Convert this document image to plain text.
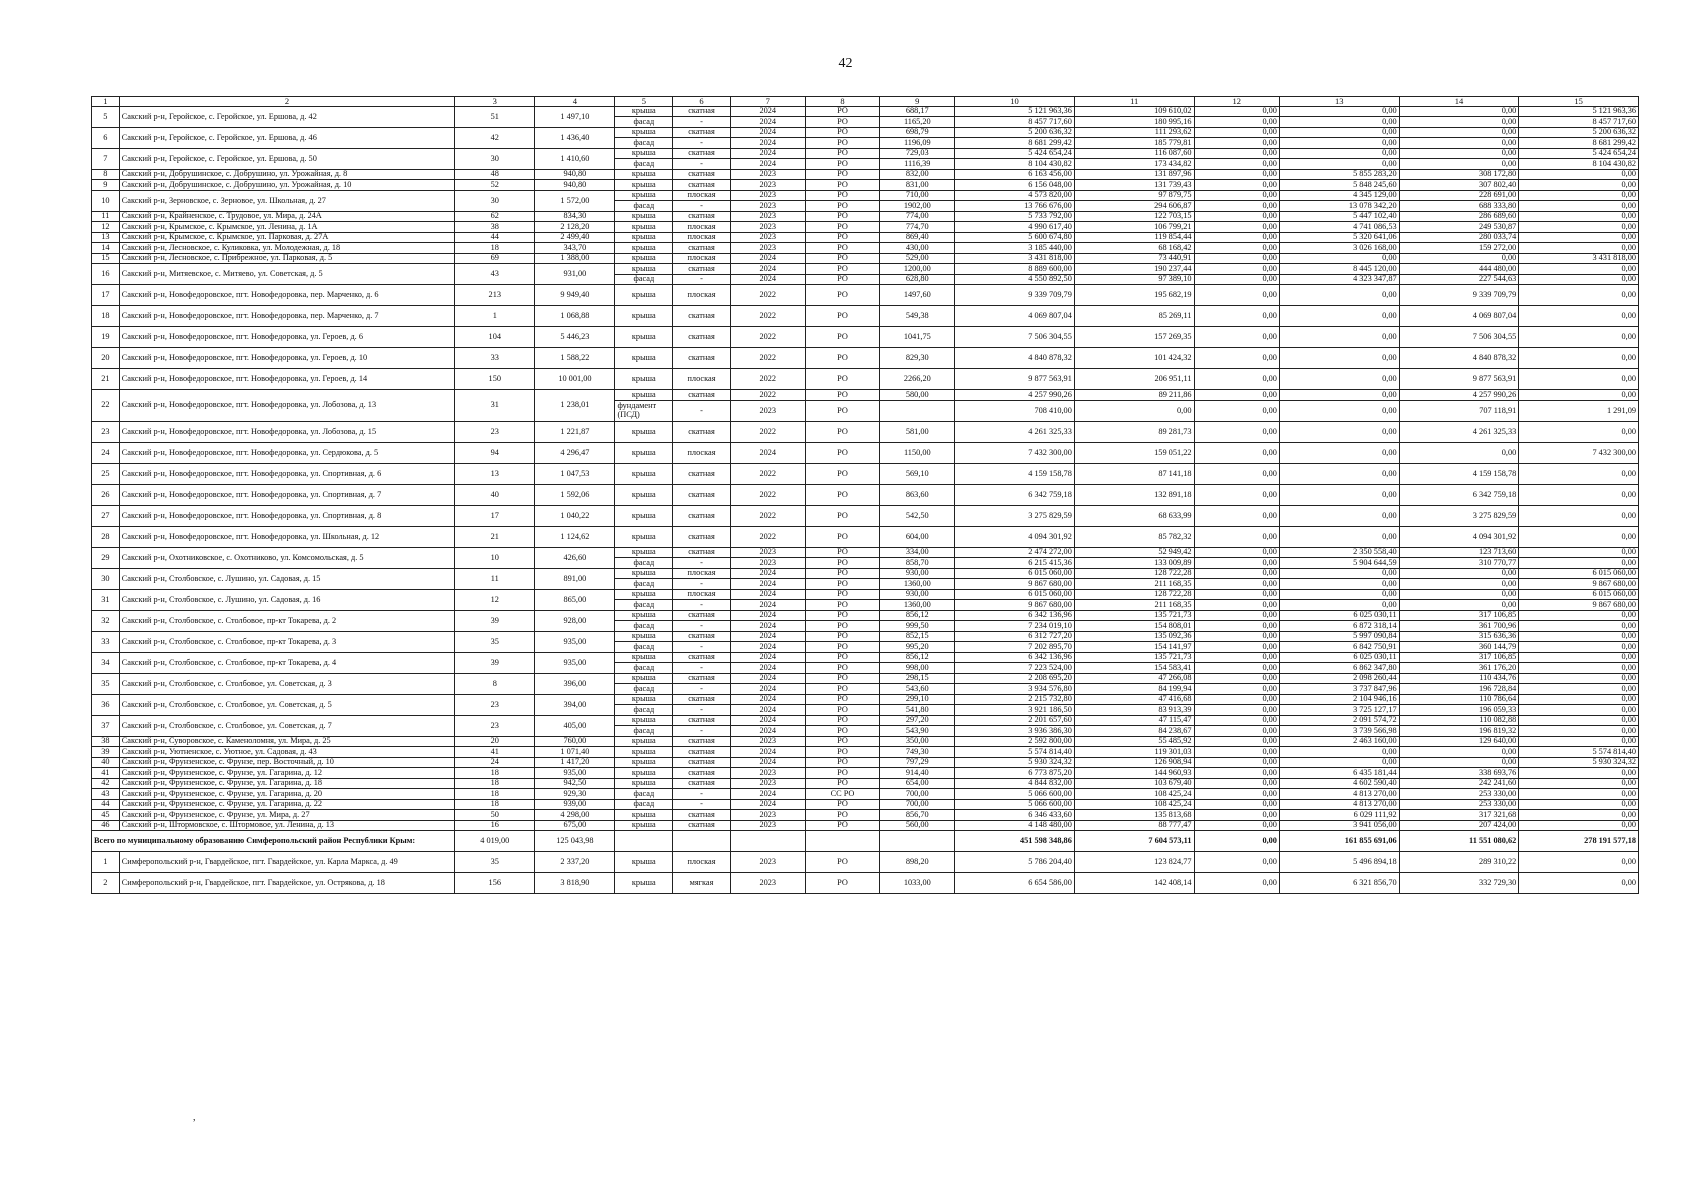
42
1	2	3	4	5	6	7	8	9	10	11	12	13	14	15
5	Сакский р-н, Геройское, с. Геройское, ул. Ершова, д. 42	51	1 497,10	крыша	скатная	2024	РО	688,17	5 121 963,36	109 610,02	0,00	0,00	0,00	5 121 963,36
				фасад	-	2024	РО	1165,20	8 457 717,60	180 995,16	0,00	0,00	0,00	8 457 717,60
6	Сакский р-н, Геройское, с. Геройское, ул. Ершова, д. 46	42	1 436,40	крыша	скатная	2024	РО	698,79	5 200 636,32	111 293,62	0,00	0,00	0,00	5 200 636,32
				фасад	-	2024	РО	1196,09	8 681 299,42	185 779,81	0,00	0,00	0,00	8 681 299,42
7	Сакский р-н, Геройское, с. Геройское, ул. Ершова, д. 50	30	1 410,60	крыша	скатная	2024	РО	729,03	5 424 654,24	116 087,60	0,00	0,00	0,00	5 424 654,24
				фасад	-	2024	РО	1116,39	8 104 430,82	173 434,82	0,00	0,00	0,00	8 104 430,82
8	Сакский р-н, Добрушинское, с. Добрушино, ул. Урожайная, д. 8	48	940,80	крыша	скатная	2023	РО	832,00	6 163 456,00	131 897,96	0,00	5 855 283,20	308 172,80	0,00
9	Сакский р-н, Добрушинское, с. Добрушино, ул. Урожайная, д. 10	52	940,80	крыша	скатная	2023	РО	831,00	6 156 048,00	131 739,43	0,00	5 848 245,60	307 802,40	0,00
10	Сакский р-н, Зерновское, с. Зерновое, ул. Школьная, д. 27	30	1 572,00	крыша	плоская	2023	РО	710,00	4 573 820,00	97 879,75	0,00	4 345 129,00	228 691,00	0,00
				фасад	-	2023	РО	1902,00	13 766 676,00	294 606,87	0,00	13 078 342,20	688 333,80	0,00
11	Сакский р-н, Крайненское, с. Трудовое, ул. Мира, д. 24А	62	834,30	крыша	скатная	2023	РО	774,00	5 733 792,00	122 703,15	0,00	5 447 102,40	286 689,60	0,00
12	Сакский р-н, Крымское, с. Крымское, ул. Ленина, д. 1А	38	2 128,20	крыша	плоская	2023	РО	774,70	4 990 617,40	106 799,21	0,00	4 741 086,53	249 530,87	0,00
13	Сакский р-н, Крымское, с. Крымское, ул. Парковая, д. 27А	44	2 499,40	крыша	плоская	2023	РО	869,40	5 600 674,80	119 854,44	0,00	5 320 641,06	280 033,74	0,00
14	Сакский р-н, Лесновское, с. Куликовка, ул. Молодежная, д. 18	18	343,70	крыша	скатная	2023	РО	430,00	3 185 440,00	68 168,42	0,00	3 026 168,00	159 272,00	0,00
15	Сакский р-н, Лесновское, с. Прибрежное, ул. Парковая, д. 5	69	1 388,00	крыша	плоская	2024	РО	529,00	3 431 818,00	73 440,91	0,00	0,00	0,00	3 431 818,00
16	Сакский р-н, Митяевское, с. Митяево, ул. Советская, д. 5	43	931,00	крыша	скатная	2024	РО	1200,00	8 889 600,00	190 237,44	0,00	8 445 120,00	444 480,00	0,00
				фасад	-	2024	РО	628,80	4 550 892,50	97 389,10	0,00	4 323 347,87	227 544,63	0,00
17	Сакский р-н, Новофедоровское, пгт. Новофедоровка, пер. Марченко, д. 6	213	9 949,40	крыша	плоская	2022	РО	1497,60	9 339 709,79	195 682,19	0,00	0,00	9 339 709,79	0,00
18	Сакский р-н, Новофедоровское, пгт. Новофедоровка, пер. Марченко, д. 7	1	1 068,88	крыша	скатная	2022	РО	549,38	4 069 807,04	85 269,11	0,00	0,00	4 069 807,04	0,00
19	Сакский р-н, Новофедоровское, пгт. Новофедоровка, ул. Героев, д. 6	104	5 446,23	крыша	скатная	2022	РО	1041,75	7 506 304,55	157 269,35	0,00	0,00	7 506 304,55	0,00
20	Сакский р-н, Новофедоровское, пгт. Новофедоровка, ул. Героев, д. 10	33	1 588,22	крыша	скатная	2022	РО	829,30	4 840 878,32	101 424,32	0,00	0,00	4 840 878,32	0,00
21	Сакский р-н, Новофедоровское, пгт. Новофедоровка, ул. Героев, д. 14	150	10 001,00	крыша	плоская	2022	РО	2266,20	9 877 563,91	206 951,11	0,00	0,00	9 877 563,91	0,00
22	Сакский р-н, Новофедоровское, пгт. Новофедоровка, ул. Лобозова, д. 13	31	1 238,01	крыша	скатная	2022	РО	580,00	4 257 990,26	89 211,86	0,00	0,00	4 257 990,26	0,00
				фундамент (ПСД)	-	2023	РО		708 410,00	0,00	0,00	0,00	707 118,91	1 291,09
23	Сакский р-н, Новофедоровское, пгт. Новофедоровка, ул. Лобозова, д. 15	23	1 221,87	крыша	скатная	2022	РО	581,00	4 261 325,33	89 281,73	0,00	0,00	4 261 325,33	0,00
24	Сакский р-н, Новофедоровское, пгт. Новофедоровка, ул. Сердюкова, д. 5	94	4 296,47	крыша	плоская	2024	РО	1150,00	7 432 300,00	159 051,22	0,00	0,00	0,00	7 432 300,00
25	Сакский р-н, Новофедоровское, пгт. Новофедоровка, ул. Спортивная, д. 6	13	1 047,53	крыша	скатная	2022	РО	569,10	4 159 158,78	87 141,18	0,00	0,00	4 159 158,78	0,00
26	Сакский р-н, Новофедоровское, пгт. Новофедоровка, ул. Спортивная, д. 7	40	1 592,06	крыша	скатная	2022	РО	863,60	6 342 759,18	132 891,18	0,00	0,00	6 342 759,18	0,00
27	Сакский р-н, Новофедоровское, пгт. Новофедоровка, ул. Спортивная, д. 8	17	1 040,22	крыша	скатная	2022	РО	542,50	3 275 829,59	68 633,99	0,00	0,00	3 275 829,59	0,00
28	Сакский р-н, Новофедоровское, пгт. Новофедоровка, ул. Школьная, д. 12	21	1 124,62	крыша	скатная	2022	РО	604,00	4 094 301,92	85 782,32	0,00	0,00	4 094 301,92	0,00
29	Сакский р-н, Охотниковское, с. Охотниково, ул. Комсомольская, д. 5	10	426,60	крыша	скатная	2023	РО	334,00	2 474 272,00	52 949,42	0,00	2 350 558,40	123 713,60	0,00
				фасад	-	2023	РО	858,70	6 215 415,36	133 009,89	0,00	5 904 644,59	310 770,77	0,00
30	Сакский р-н, Столбовское, с. Лушино, ул. Садовая, д. 15	11	891,00	крыша	плоская	2024	РО	930,00	6 015 060,00	128 722,28	0,00	0,00	0,00	6 015 060,00
				фасад	-	2024	РО	1360,00	9 867 680,00	211 168,35	0,00	0,00	0,00	9 867 680,00
31	Сакский р-н, Столбовское, с. Лушино, ул. Садовая, д. 16	12	865,00	крыша	плоская	2024	РО	930,00	6 015 060,00	128 722,28	0,00	0,00	0,00	6 015 060,00
				фасад	-	2024	РО	1360,00	9 867 680,00	211 168,35	0,00	0,00	0,00	9 867 680,00
32	Сакский р-н, Столбовское, с. Столбовое, пр-кт Токарева, д. 2	39	928,00	крыша	скатная	2024	РО	856,12	6 342 136,96	135 721,73	0,00	6 025 030,11	317 106,85	0,00
				фасад	-	2024	РО	999,50	7 234 019,10	154 808,01	0,00	6 872 318,14	361 700,96	0,00
33	Сакский р-н, Столбовское, с. Столбовое, пр-кт Токарева, д. 3	35	935,00	крыша	скатная	2024	РО	852,15	6 312 727,20	135 092,36	0,00	5 997 090,84	315 636,36	0,00
				фасад	-	2024	РО	995,20	7 202 895,70	154 141,97	0,00	6 842 750,91	360 144,79	0,00
34	Сакский р-н, Столбовское, с. Столбовое, пр-кт Токарева, д. 4	39	935,00	крыша	скатная	2024	РО	856,12	6 342 136,96	135 721,73	0,00	6 025 030,11	317 106,85	0,00
				фасад	-	2024	РО	998,00	7 223 524,00	154 583,41	0,00	6 862 347,80	361 176,20	0,00
35	Сакский р-н, Столбовское, с. Столбовое, ул. Советская, д. 3	8	396,00	крыша	скатная	2024	РО	298,15	2 208 695,20	47 266,08	0,00	2 098 260,44	110 434,76	0,00
				фасад	-	2024	РО	543,60	3 934 576,80	84 199,94	0,00	3 737 847,96	196 728,84	0,00
36	Сакский р-н, Столбовское, с. Столбовое, ул. Советская, д. 5	23	394,00	крыша	скатная	2024	РО	299,10	2 215 732,80	47 416,68	0,00	2 104 946,16	110 786,64	0,00
				фасад	-	2024	РО	541,80	3 921 186,50	83 913,39	0,00	3 725 127,17	196 059,33	0,00
37	Сакский р-н, Столбовское, с. Столбовое, ул. Советская, д. 7	23	405,00	крыша	скатная	2024	РО	297,20	2 201 657,60	47 115,47	0,00	2 091 574,72	110 082,88	0,00
				фасад	-	2024	РО	543,90	3 936 386,30	84 238,67	0,00	3 739 566,98	196 819,32	0,00
38	Сакский р-н, Суворовское, с. Каменоломня, ул. Мира, д. 25	20	760,00	крыша	скатная	2023	РО	350,00	2 592 800,00	55 485,92	0,00	2 463 160,00	129 640,00	0,00
39	Сакский р-н, Уютненское, с. Уютное, ул. Садовая, д. 43	41	1 071,40	крыша	скатная	2024	РО	749,30	5 574 814,40	119 301,03	0,00	0,00	0,00	5 574 814,40
40	Сакский р-н, Фрунзенское, с. Фрунзе, пер. Восточный, д. 10	24	1 417,20	крыша	скатная	2024	РО	797,29	5 930 324,32	126 908,94	0,00	0,00	0,00	5 930 324,32
41	Сакский р-н, Фрунзенское, с. Фрунзе, ул. Гагарина, д. 12	18	935,00	крыша	скатная	2023	РО	914,40	6 773 875,20	144 960,93	0,00	6 435 181,44	338 693,76	0,00
42	Сакский р-н, Фрунзенское, с. Фрунзе, ул. Гагарина, д. 18	18	942,50	крыша	скатная	2023	РО	654,00	4 844 832,00	103 679,40	0,00	4 602 590,40	242 241,60	0,00
43	Сакский р-н, Фрунзенское, с. Фрунзе, ул. Гагарина, д. 20	18	929,30	фасад	-	2024	СС РО	700,00	5 066 600,00	108 425,24	0,00	4 813 270,00	253 330,00	0,00
44	Сакский р-н, Фрунзенское, с. Фрунзе, ул. Гагарина, д. 22	18	939,00	фасад	-	2024	РО	700,00	5 066 600,00	108 425,24	0,00	4 813 270,00	253 330,00	0,00
45	Сакский р-н, Фрунзенское, с. Фрунзе, ул. Мира, д. 27	50	4 298,00	крыша	скатная	2023	РО	856,70	6 346 433,60	135 813,68	0,00	6 029 111,92	317 321,68	0,00
46	Сакский р-н, Штормовское, с. Штормовое, ул. Ленина, д. 13	16	675,00	крыша	скатная	2023	РО	560,00	4 148 480,00	88 777,47	0,00	3 941 056,00	207 424,00	0,00
Всего по муниципальному образованию Симферопольский район Республики Крым:		4 019,00	125 043,98						451 598 348,86	7 604 573,11	0,00	161 855 691,06	11 551 080,62	278 191 577,18
1	Симферопольский р-н, Гвардейское, пгт. Гвардейское, ул. Карла Маркса, д. 49	35	2 337,20	крыша	плоская	2023	РО	898,20	5 786 204,40	123 824,77	0,00	5 496 894,18	289 310,22	0,00
2	Симферопольский р-н, Гвардейское, пгт. Гвардейское, ул. Острякова, д. 18	156	3 818,90	крыша	мягкая	2023	РО	1033,00	6 654 586,00	142 408,14	0,00	6 321 856,70	332 729,30	0,00
,
